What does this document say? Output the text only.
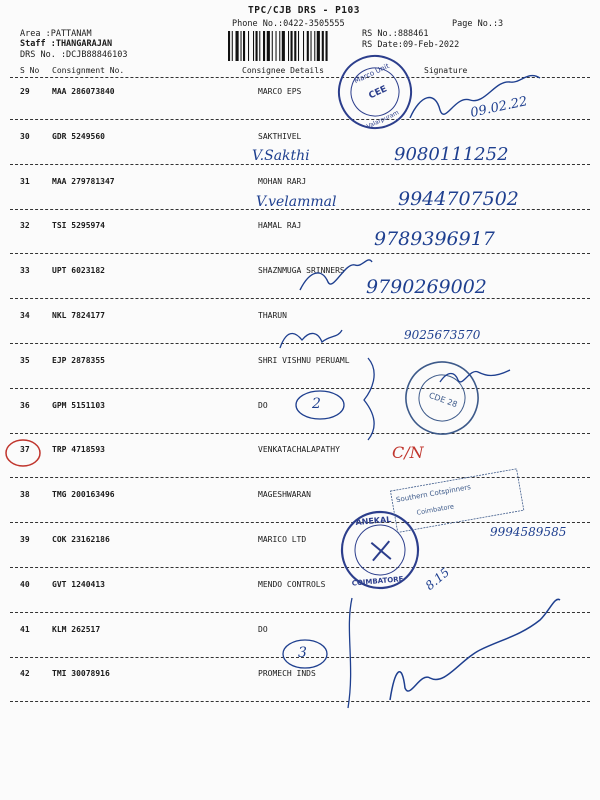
TPC/CJB DRS - P103
Phone No.:0422-3505555	Page No.:3
Area :PATTANAM
Staff :THANGARAJAN
DRS No. :DCJB88846103
RS No.:888461
RS Date:09-Feb-2022
S No Consignment No.	Consignee Details	Signature
29	MAA 286073840	MARCO EPS
30	GDR 5249560	SAKTHIVEL
31	MAA 279781347	MOHAN RARJ
32	TSI 5295974	HAMAL RAJ
33	UPT 6023182	SHAZNMUGA SRINNERS
34	NKL 7824177	THARUN
35	EJP 2878355	SHRI VISHNU PERUAML
36	GPM 5151103	DO
37	TRP 4718593	VENKATACHALAPATHY
38	TMG 200163496	MAGESHWARAN
39	COK 23162186	MARICO LTD
40	GVT 1240413	MENDO CONTROLS
41	KLM 262517	DO
42	TMI 30078916	PROMECH INDS
Marco Unit
CEE
Valarpuram
CDE 28
ANEKAL
COIMBATORE
Southern Cotspinners
Coimbatore
09.02.22
V.Sakthi	9080111252
V.velammal	9944707502
9789396917
9790269002
9025673570
2
C/N
9994589585
8.15
3
